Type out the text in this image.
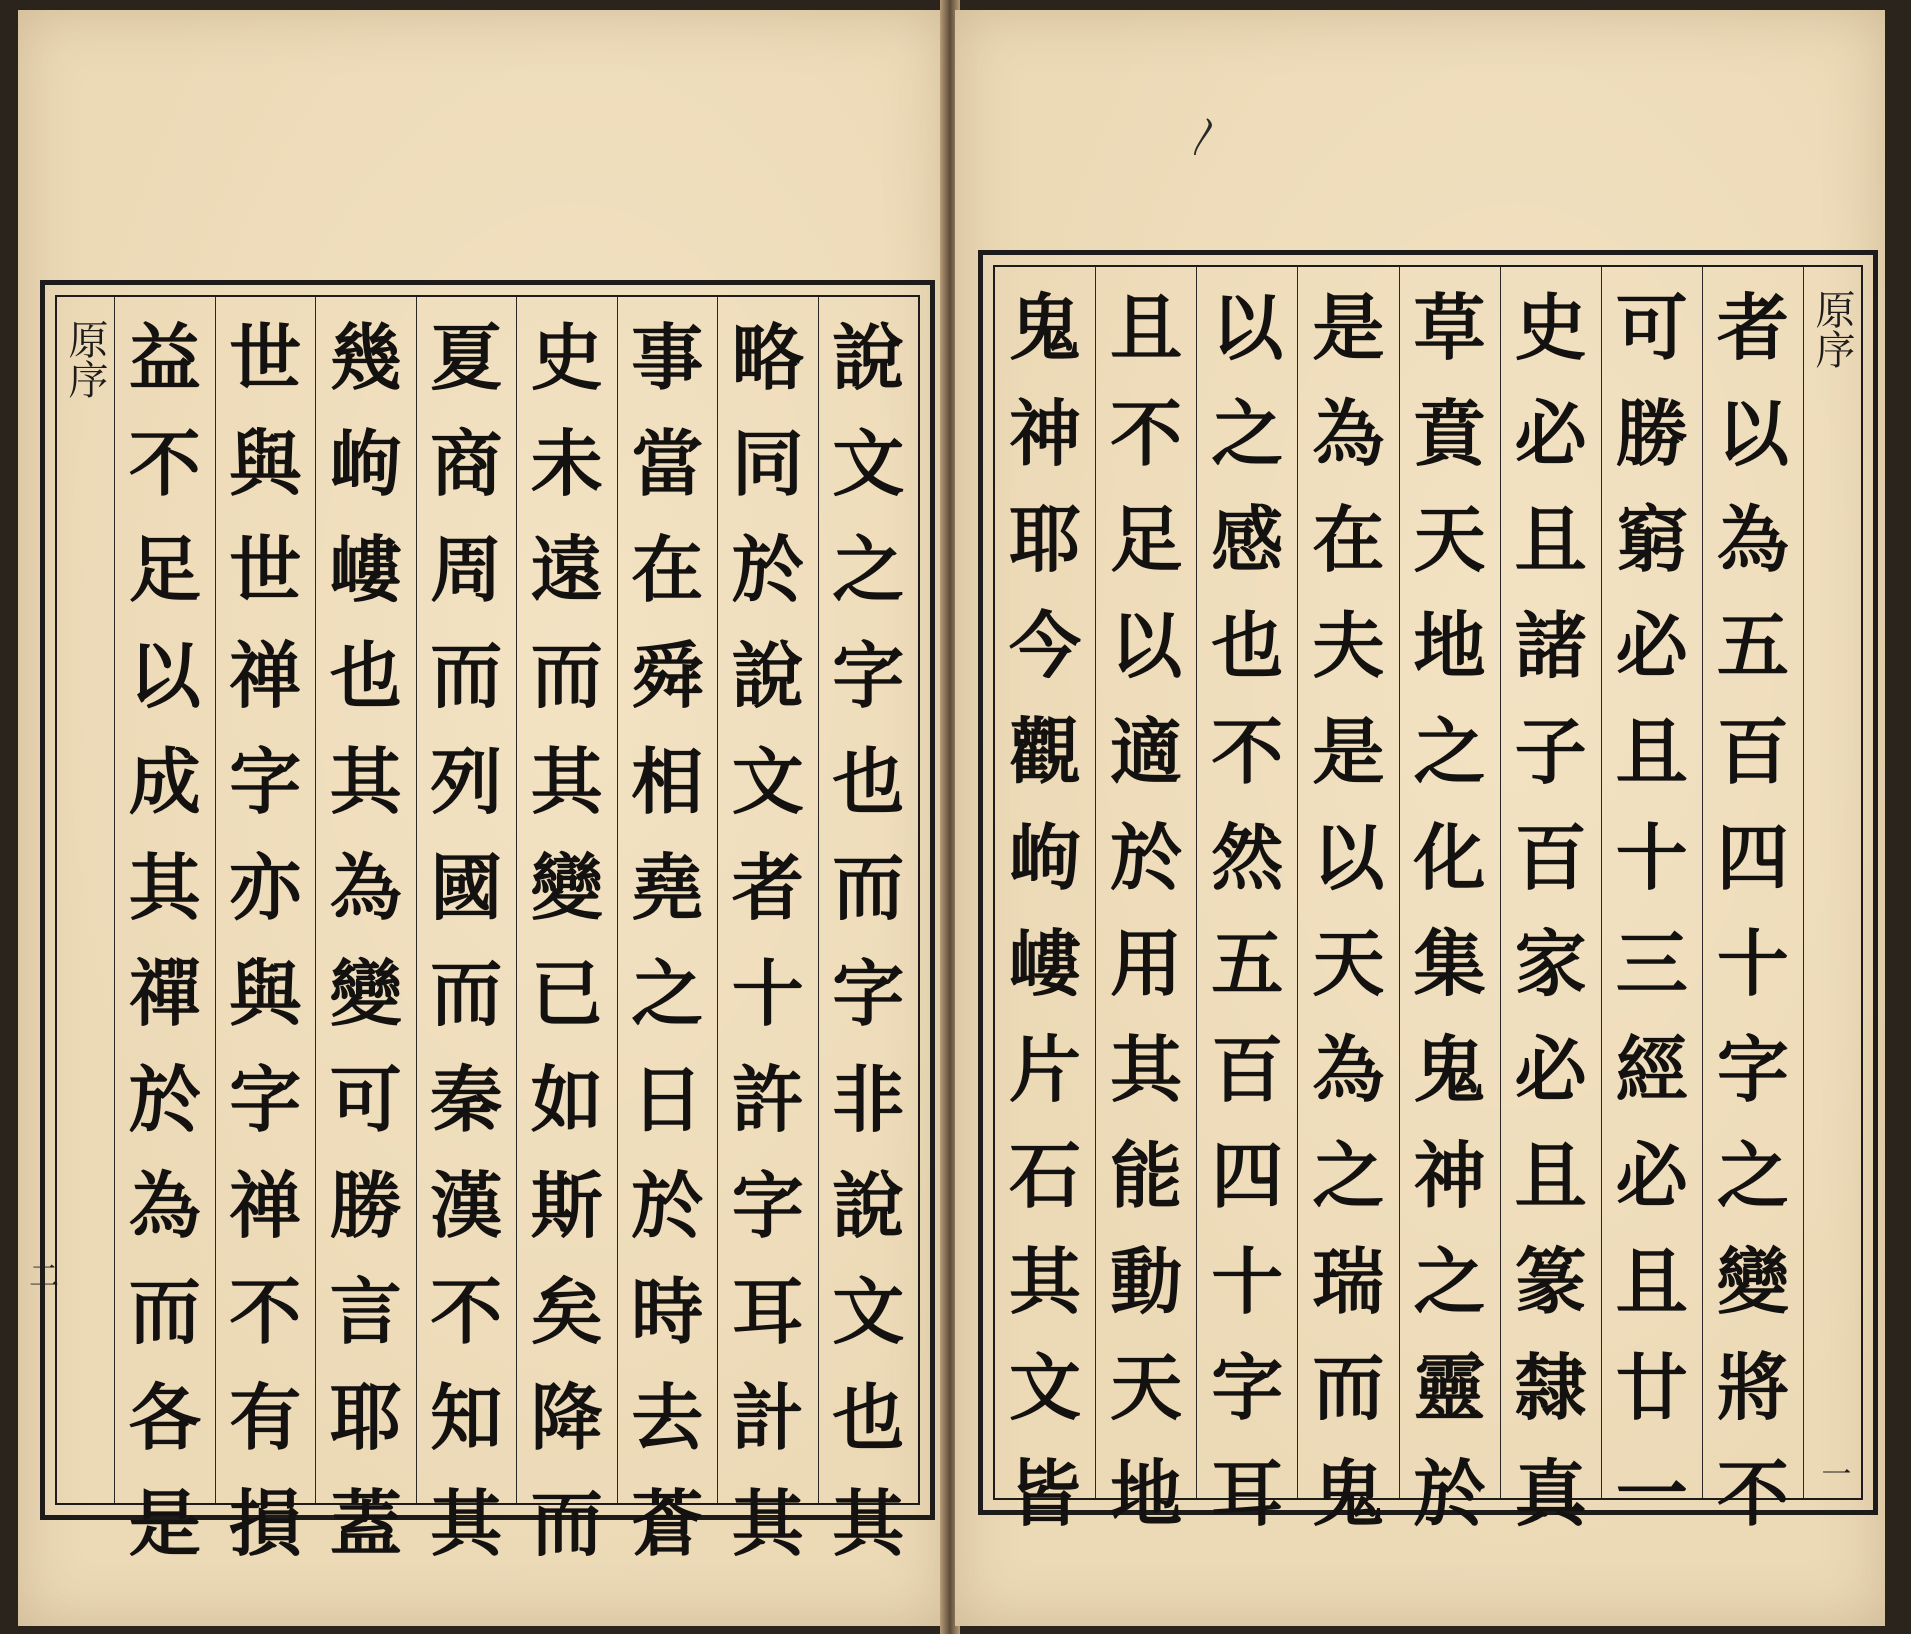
說
文
之
字
也
而
字
非
說
文
也
其
略
同
於
說
文
者
十
許
字
耳
計
其
事
當
在
舜
相
堯
之
日
於
時
去
蒼
史
未
遠
而
其
變
已
如
斯
矣
降
而
夏
商
周
而
列
國
而
秦
漢
不
知
其
幾
岣
嶁
也
其
為
變
可
勝
言
耶
蓋
世
與
世
禅
字
亦
與
字
禅
不
有
損
益
不
足
以
成
其
禪
於
為
而
各
是
原序
二
〳
原序
一
者
以
為
五
百
四
十
字
之
變
將
不
可
勝
窮
必
且
十
三
經
必
且
廿
一
史
必
且
諸
子
百
家
必
且
篆
隸
真
草
賁
天
地
之
化
集
鬼
神
之
靈
於
是
為
在
夫
是
以
天
為
之
瑞
而
鬼
以
之
感
也
不
然
五
百
四
十
字
耳
且
不
足
以
適
於
用
其
能
動
天
地
鬼
神
耶
今
觀
岣
嶁
片
石
其
文
皆
